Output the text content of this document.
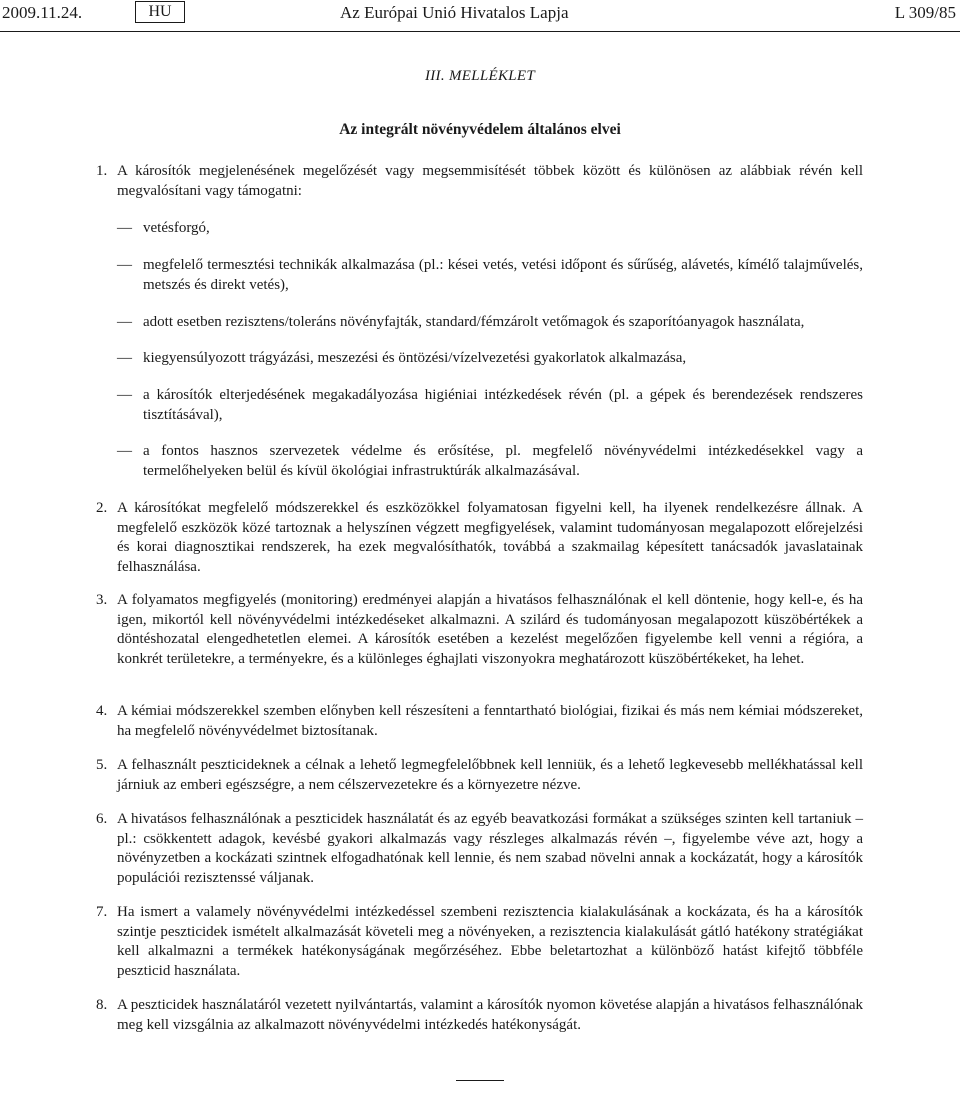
2009.11.24.	HU	Az Európai Unió Hivatalos Lapja	L 309/85
III. MELLÉKLET
Az integrált növényvédelem általános elvei
1. A károsítók megjelenésének megelőzését vagy megsemmisítését többek között és különösen az alábbiak révén kell megvalósítani vagy támogatni:
— vetésforgó,
— megfelelő termesztési technikák alkalmazása (pl.: kései vetés, vetési időpont és sűrűség, alávetés, kímélő talajművelés, metszés és direkt vetés),
— adott esetben rezisztens/toleráns növényfajták, standard/fémzárolt vetőmagok és szaporítóanyagok használata,
— kiegyensúlyozott trágyázási, meszezési és öntözési/vízelvezetési gyakorlatok alkalmazása,
— a károsítók elterjedésének megakadályozása higiéniai intézkedések révén (pl. a gépek és berendezések rendszeres tisztításával),
— a fontos hasznos szervezetek védelme és erősítése, pl. megfelelő növényvédelmi intézkedésekkel vagy a termelőhelyeken belül és kívül ökológiai infrastruktúrák alkalmazásával.
2. A károsítókat megfelelő módszerekkel és eszközökkel folyamatosan figyelni kell, ha ilyenek rendelkezésre állnak. A megfelelő eszközök közé tartoznak a helyszínen végzett megfigyelések, valamint tudományosan megalapozott előrejelzési és korai diagnosztikai rendszerek, ha ezek megvalósíthatók, továbbá a szakmailag képesített tanácsadók javaslatainak felhasználása.
3. A folyamatos megfigyelés (monitoring) eredményei alapján a hivatásos felhasználónak el kell döntenie, hogy kell-e, és ha igen, mikortól kell növényvédelmi intézkedéseket alkalmazni. A szilárd és tudományosan megalapozott küszöbértékek a döntéshozatal elengedhetetlen elemei. A károsítók esetében a kezelést megelőzően figyelembe kell venni a régióra, a konkrét területekre, a terményekre, és a különleges éghajlati viszonyokra meghatározott küszöbértékeket, ha lehet.
4. A kémiai módszerekkel szemben előnyben kell részesíteni a fenntartható biológiai, fizikai és más nem kémiai módszereket, ha megfelelő növényvédelmet biztosítanak.
5. A felhasznált peszticideknek a célnak a lehető legmegfelelőbbnek kell lenniük, és a lehető legkevesebb mellékhatással kell járniuk az emberi egészségre, a nem célszervezetekre és a környezetre nézve.
6. A hivatásos felhasználónak a peszticidek használatát és az egyéb beavatkozási formákat a szükséges szinten kell tartaniuk – pl.: csökkentett adagok, kevésbé gyakori alkalmazás vagy részleges alkalmazás révén –, figyelembe véve azt, hogy a növényzetben a kockázati szintnek elfogadhatónak kell lennie, és nem szabad növelni annak a kockázatát, hogy a károsítók populációi rezisztenssé váljanak.
7. Ha ismert a valamely növényvédelmi intézkedéssel szembeni rezisztencia kialakulásának a kockázata, és ha a károsítók szintje peszticidek ismételt alkalmazását követeli meg a növényeken, a rezisztencia kialakulását gátló hatékony stratégiákat kell alkalmazni a termékek hatékonyságának megőrzéséhez. Ebbe beletartozhat a különböző hatást kifejtő többféle peszticid használata.
8. A peszticidek használatáról vezetett nyilvántartás, valamint a károsítók nyomon követése alapján a hivatásos felhasználónak meg kell vizsgálnia az alkalmazott növényvédelmi intézkedés hatékonyságát.
